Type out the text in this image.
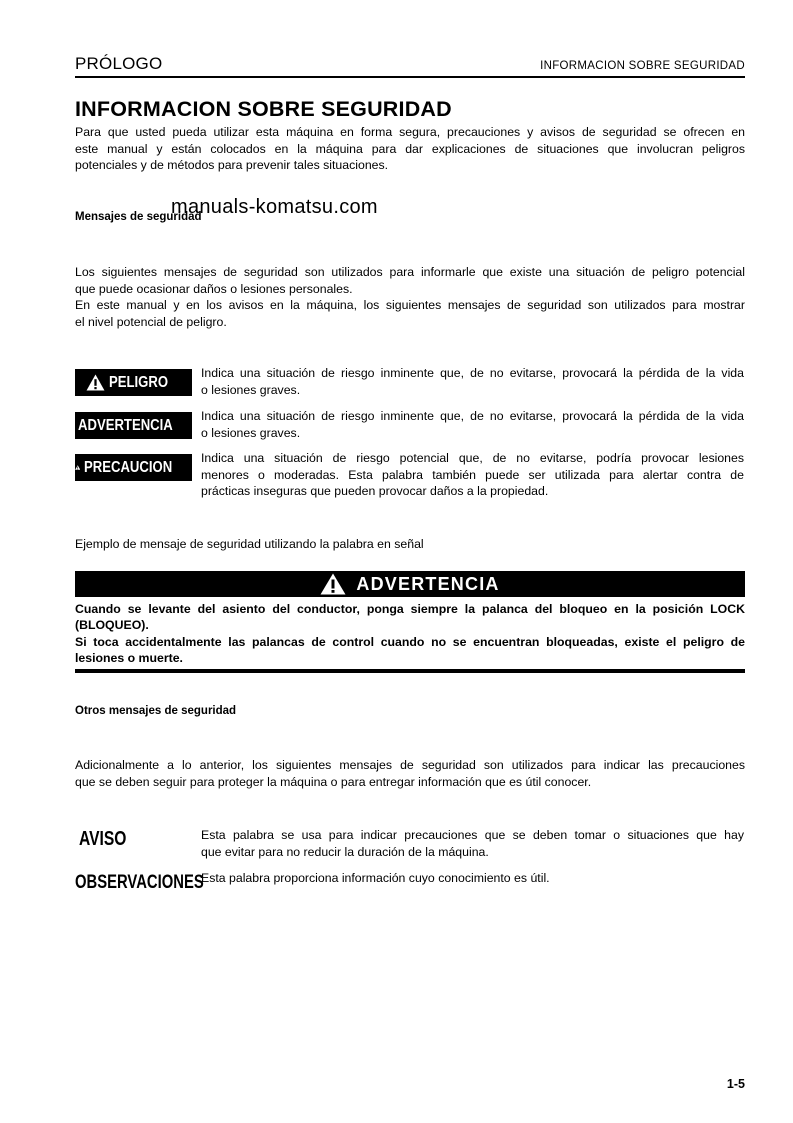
PRÓLOGO	INFORMACION SOBRE SEGURIDAD
INFORMACION SOBRE SEGURIDAD
Para que usted pueda utilizar esta máquina en forma segura, precauciones y avisos de seguridad se ofrecen en
este manual y están colocados en la máquina para dar explicaciones de situaciones que involucran peligros
potenciales y de métodos para prevenir tales situaciones.
Mensajes de seguridad
manuals-komatsu.com
Los siguientes mensajes de seguridad son utilizados para informarle que existe una situación de peligro potencial
que puede ocasionar daños o lesiones personales.
En este manual y en los avisos en la máquina, los siguientes mensajes de seguridad son utilizados para mostrar
el nivel potencial de peligro.
PELIGRO
Indica una situación de riesgo inminente que, de no evitarse, provocará la pérdida de la vida
o lesiones graves.
ADVERTENCIA
Indica una situación de riesgo inminente que, de no evitarse, provocará la pérdida de la vida
o lesiones graves.
PRECAUCION
Indica una situación de riesgo potencial que, de no evitarse, podría provocar lesiones
menores o moderadas. Esta palabra también puede ser utilizada para alertar contra de
prácticas inseguras que pueden provocar daños a la propiedad.
Ejemplo de mensaje de seguridad utilizando la palabra en señal
ADVERTENCIA
Cuando se levante del asiento del conductor, ponga siempre la palanca del bloqueo en la posición LOCK
(BLOQUEO).
Si toca accidentalmente las palancas de control cuando no se encuentran bloqueadas, existe el peligro de
lesiones o muerte.
Otros mensajes de seguridad
Adicionalmente a lo anterior, los siguientes mensajes de seguridad son utilizados para indicar las precauciones
que se deben seguir para proteger la máquina o para entregar información que es útil conocer.
AVISO	Esta palabra se usa para indicar precauciones que se deben tomar o situaciones que hay
que evitar para no reducir la duración de la máquina.
OBSERVACIONES
Esta palabra proporciona información cuyo conocimiento es útil.
1-5
